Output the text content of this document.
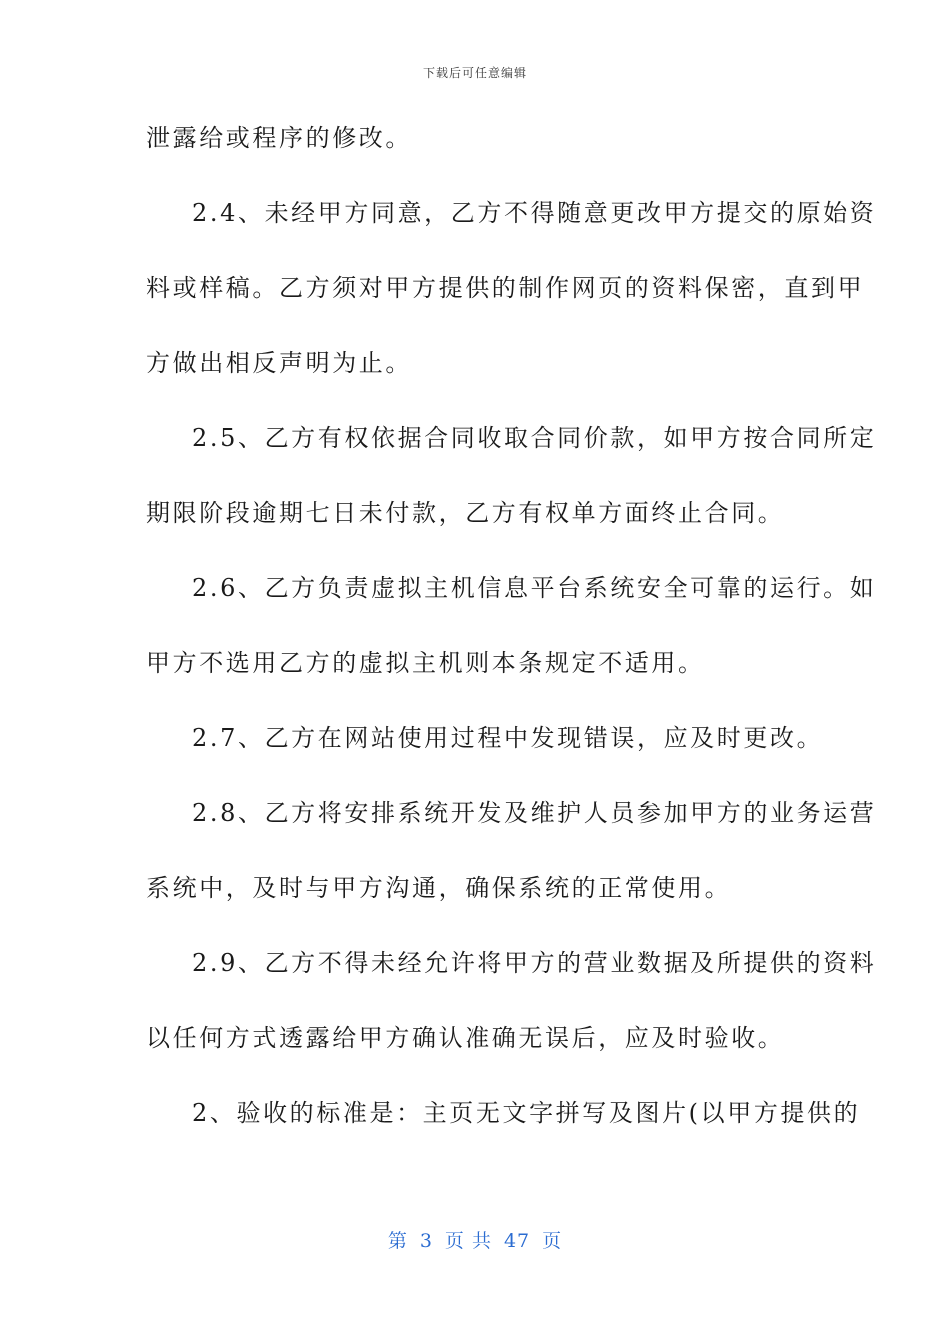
下载后可任意编辑
泄露给或程序的修改。
2.4、未经甲方同意，乙方不得随意更改甲方提交的原始资
料或样稿。乙方须对甲方提供的制作网页的资料保密，直到甲
方做出相反声明为止。
2.5、乙方有权依据合同收取合同价款，如甲方按合同所定
期限阶段逾期七日未付款，乙方有权单方面终止合同。
2.6、乙方负责虚拟主机信息平台系统安全可靠的运行。如
甲方不选用乙方的虚拟主机则本条规定不适用。
2.7、乙方在网站使用过程中发现错误，应及时更改。
2.8、乙方将安排系统开发及维护人员参加甲方的业务运营
系统中，及时与甲方沟通，确保系统的正常使用。
2.9、乙方不得未经允许将甲方的营业数据及所提供的资料
以任何方式透露给甲方确认准确无误后，应及时验收。
2、验收的标准是：主页无文字拼写及图片(以甲方提供的
第 3 页 共 47 页
